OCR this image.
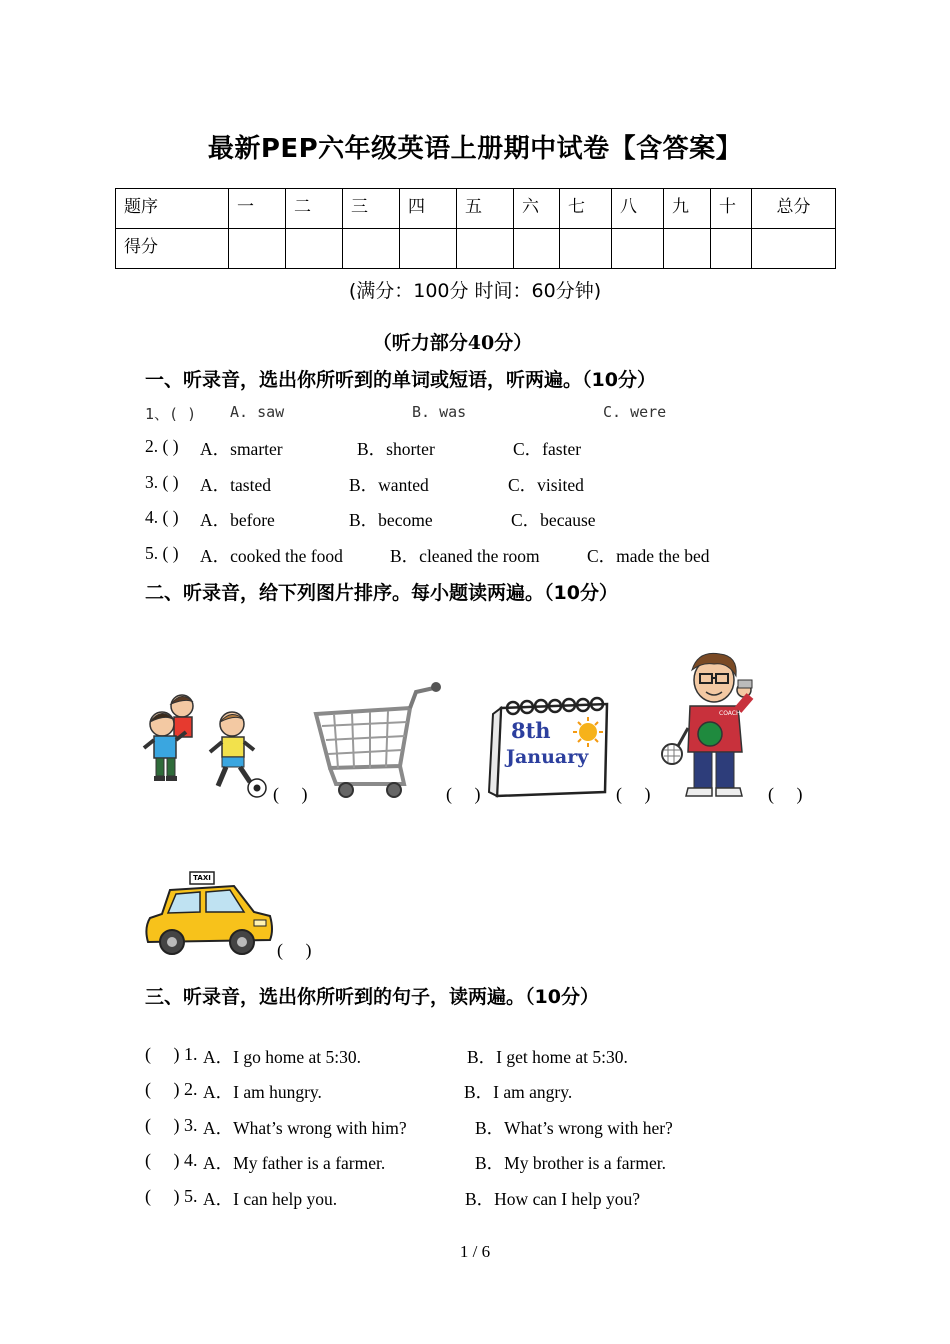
最新PEP六年级英语上册期中试卷【含答案】
题序	一	二	三	四	五	六	七	八	九	十	总分
得分											
(满分：100分 时间：60分钟)
（听力部分40分）
一、听录音，选出你所听到的单词或短语，听两遍。（10分）
1、( ) A. saw	B. was	C. were
2. ( ) A．smarter	B．shorter	C．faster
3. ( ) A．tasted	B．wanted	C．visited
4. ( ) A．before	B．become	C．because
5. ( ) A．cooked the food	B．cleaned the room	C．made the bed
二、听录音，给下列图片排序。每小题读两遍。（10分）
(     )	(     )
8th
January
(     )
COACH
(     )
TAXI
(     )
三、听录音，选出你所听到的句子，读两遍。（10分）
(     ) 1. A．I go home at 5:30.	B．I get home at 5:30.
(     ) 2. A．I am hungry.	B．I am angry.
(     ) 3. A．What’s wrong with him?	B．What’s wrong with her?
(     ) 4. A．My father is a farmer.	B．My brother is a farmer.
(     ) 5. A．I can help you.	B．How can I help you?
1 / 6
